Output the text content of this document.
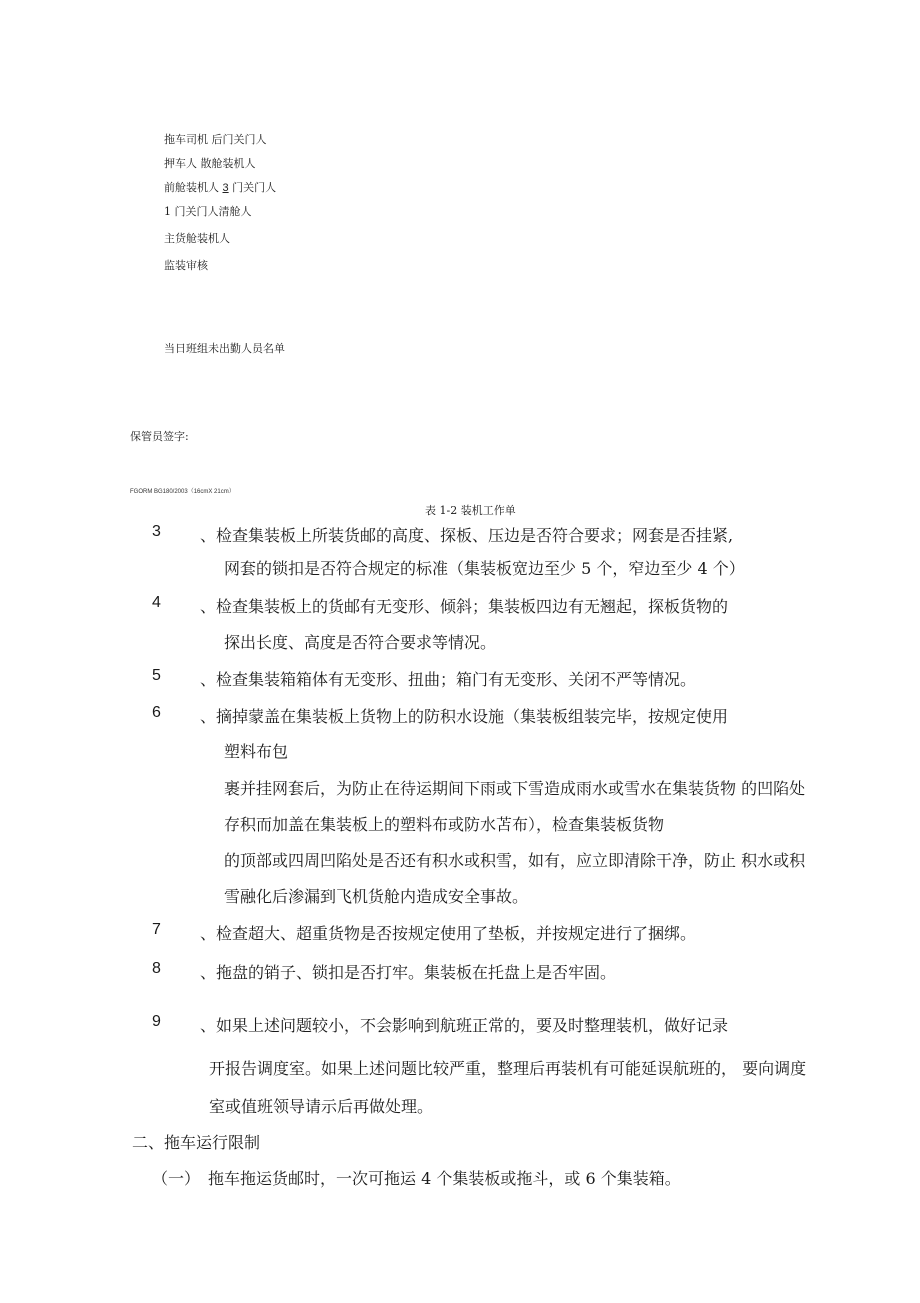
拖车司机 后门关门人
押车人 散舱装机人
前舱装机人 3 门关门人
1 门关门人清舱人
主货舱装机人
监装审核
当日班组未出勤人员名单
保管员签字:
FGORM BG180/2003（16cmX 21cm）
表 1-2 装机工作单
3 、检查集装板上所装货邮的高度、探板、压边是否符合要求；网套是否挂紧,
网套的锁扣是否符合规定的标准（集装板宽边至少 5 个，窄边至少 4 个）
4 、检查集装板上的货邮有无变形、倾斜；集装板四边有无翘起，探板货物的
探出长度、高度是否符合要求等情况。
5 、检查集装箱箱体有无变形、扭曲；箱门有无变形、关闭不严等情况。
6 、摘掉蒙盖在集装板上货物上的防积水设施（集装板组装完毕，按规定使用
塑料布包
裹并挂网套后，为防止在待运期间下雨或下雪造成雨水或雪水在集装货物 的凹陷处
存积而加盖在集装板上的塑料布或防水苫布），检查集装板货物
的顶部或四周凹陷处是否还有积水或积雪，如有，应立即清除干净，防止 积水或积
雪融化后渗漏到飞机货舱内造成安全事故。
7 、检查超大、超重货物是否按规定使用了垫板，并按规定进行了捆绑。
8 、拖盘的销子、锁扣是否打牢。集装板在托盘上是否牢固。
9 、如果上述问题较小，不会影响到航班正常的，要及时整理装机，做好记录
开报告调度室。如果上述问题比较严重，整理后再装机有可能延误航班的， 要向调度
室或值班领导请示后再做处理。
二、拖车运行限制
（一） 拖车拖运货邮时，一次可拖运 4 个集装板或拖斗，或 6 个集装箱。
